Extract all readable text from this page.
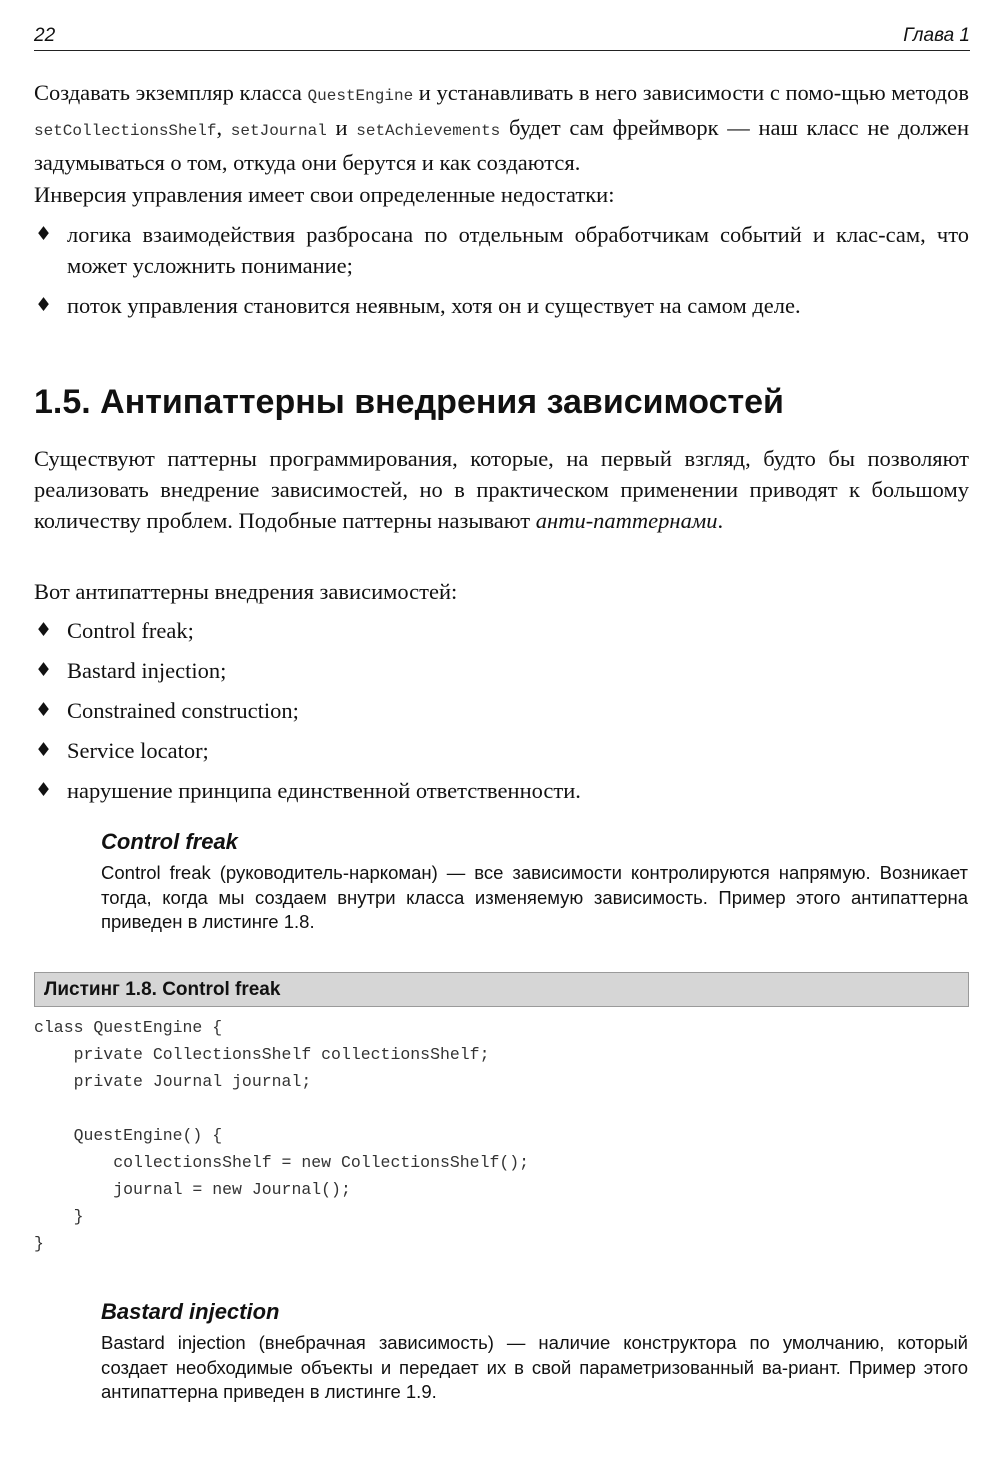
22	Глава 1
Создавать экземпляр класса QuestEngine и устанавливать в него зависимости с помо-щью методов setCollectionsShelf, setJournal и setAchievements будет сам фреймворк — наш класс не должен задумываться о том, откуда они берутся и как создаются.
Инверсия управления имеет свои определенные недостатки:
♦ логика взаимодействия разбросана по отдельным обработчикам событий и клас-сам, что может усложнить понимание;
♦ поток управления становится неявным, хотя он и существует на самом деле.
1.5. Антипаттерны внедрения зависимостей
Существуют паттерны программирования, которые, на первый взгляд, будто бы позволяют реализовать внедрение зависимостей, но в практическом применении приводят к большому количеству проблем. Подобные паттерны называют анти-паттернами.
Вот антипаттерны внедрения зависимостей:
♦ Control freak;
♦ Bastard injection;
♦ Constrained construction;
♦ Service locator;
♦ нарушение принципа единственной ответственности.
Control freak
Control freak (руководитель-наркоман) — все зависимости контролируются напрямую. Возникает тогда, когда мы создаем внутри класса изменяемую зависимость. Пример этого антипаттерна приведен в листинге 1.8.
Листинг 1.8. Control freak
class QuestEngine {
private CollectionsShelf collectionsShelf;
private Journal journal;
QuestEngine() {
collectionsShelf = new CollectionsShelf();
journal = new Journal();
}
}
Bastard injection
Bastard injection (внебрачная зависимость) — наличие конструктора по умолчанию, который создает необходимые объекты и передает их в свой параметризованный ва-риант. Пример этого антипаттерна приведен в листинге 1.9.
